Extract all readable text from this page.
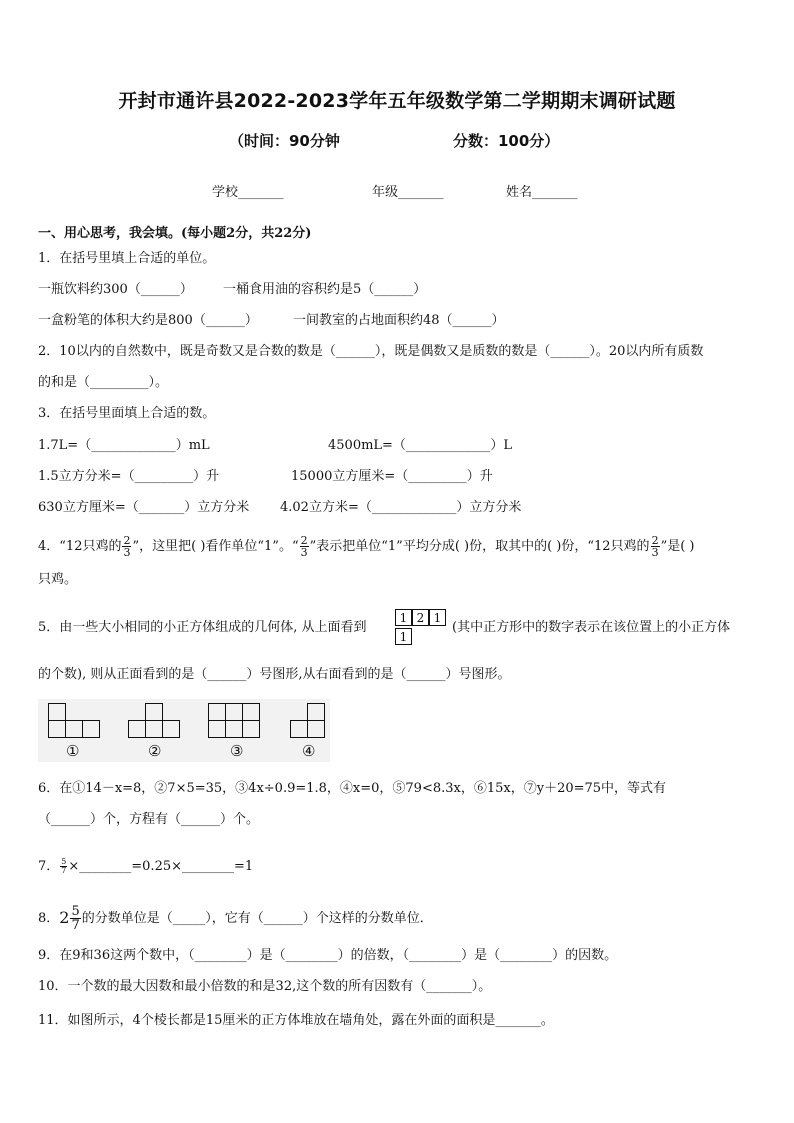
开封市通许县2022-2023学年五年级数学第二学期期末调研试题
（时间：90分钟	分数：100分）
学校_______	年级_______	姓名_______
一、用心思考，我会填。(每小题2分，共22分)
1．在括号里填上合适的单位。
一瓶饮料约300（______） 一桶食用油的容积约是5（______）
一盒粉笔的体积大约是800（______）	一间教室的占地面积约48（______）
2．10以内的自然数中，既是奇数又是合数的数是（______），既是偶数又是质数的数是（______）。20以内所有质数
的和是（_________）。
3．在括号里面填上合适的数。
1.7L=（_____________）mL	4500mL=（_____________）L
1.5立方分米=（_________）升	15000立方厘米=（_________）升
630立方厘米=（_______）立方分米 4.02立方米=（_____________）立方分米
4．“12只鸡的 $\frac{2}{3}$ ”，这里把( )看作单位“1”。“ $\frac{2}{3}$ ”表示把单位“1”平均分成( )份，取其中的( )份，“12只鸡的 $\frac{2}{3}$ ”是( )
只鸡。
5．由一些大小相同的小正方体组成的几何体, 从上面看到
1 2 1
1
(其中正方形中的数字表示在该位置上的小正方体
的个数), 则从正面看到的是（______）号图形,从右面看到的是（______）号图形。
①	②	③	④
6．在①14－x=8，②7×5=35，③4x÷0.9=1.8，④x=0，⑤79<8.3x，⑥15x，⑦y＋20=75中，等式有
（______）个，方程有（______）个。
7． $\frac{5}{7}$ ×________=0.25×________=1
8．$2 \frac{5}{7}$ 的分数单位是（_____），它有（______）个这样的分数单位．
9．在9和36这两个数中，（________）是（________）的倍数，（________）是（________）的因数。
10．一个数的最大因数和最小倍数的和是32,这个数的所有因数有（_______）。
11．如图所示，4个棱长都是15厘米的正方体堆放在墙角处，露在外面的面积是_______。
